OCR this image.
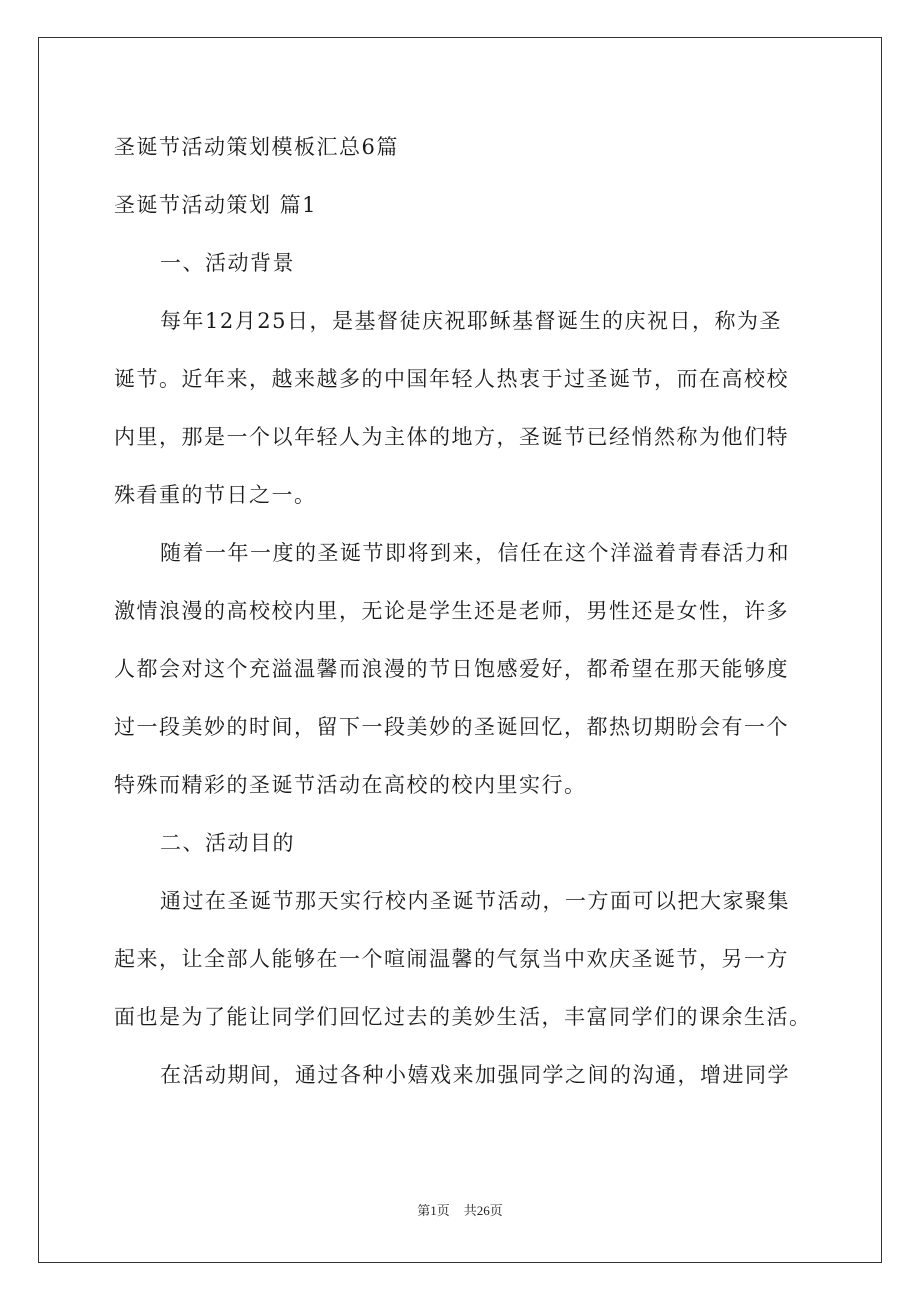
圣诞节活动策划模板汇总6篇
圣诞节活动策划 篇1
一、活动背景
每年12月25日，是基督徒庆祝耶稣基督诞生的庆祝日，称为圣
诞节。近年来，越来越多的中国年轻人热衷于过圣诞节，而在高校校
内里，那是一个以年轻人为主体的地方，圣诞节已经悄然称为他们特
殊看重的节日之一。
随着一年一度的圣诞节即将到来，信任在这个洋溢着青春活力和
激情浪漫的高校校内里，无论是学生还是老师，男性还是女性，许多
人都会对这个充溢温馨而浪漫的节日饱感爱好，都希望在那天能够度
过一段美妙的时间，留下一段美妙的圣诞回忆，都热切期盼会有一个
特殊而精彩的圣诞节活动在高校的校内里实行。
二、活动目的
通过在圣诞节那天实行校内圣诞节活动，一方面可以把大家聚集
起来，让全部人能够在一个喧闹温馨的气氛当中欢庆圣诞节，另一方
面也是为了能让同学们回忆过去的美妙生活，丰富同学们的课余生活。
在活动期间，通过各种小嬉戏来加强同学之间的沟通，增进同学
第1页 共26页
